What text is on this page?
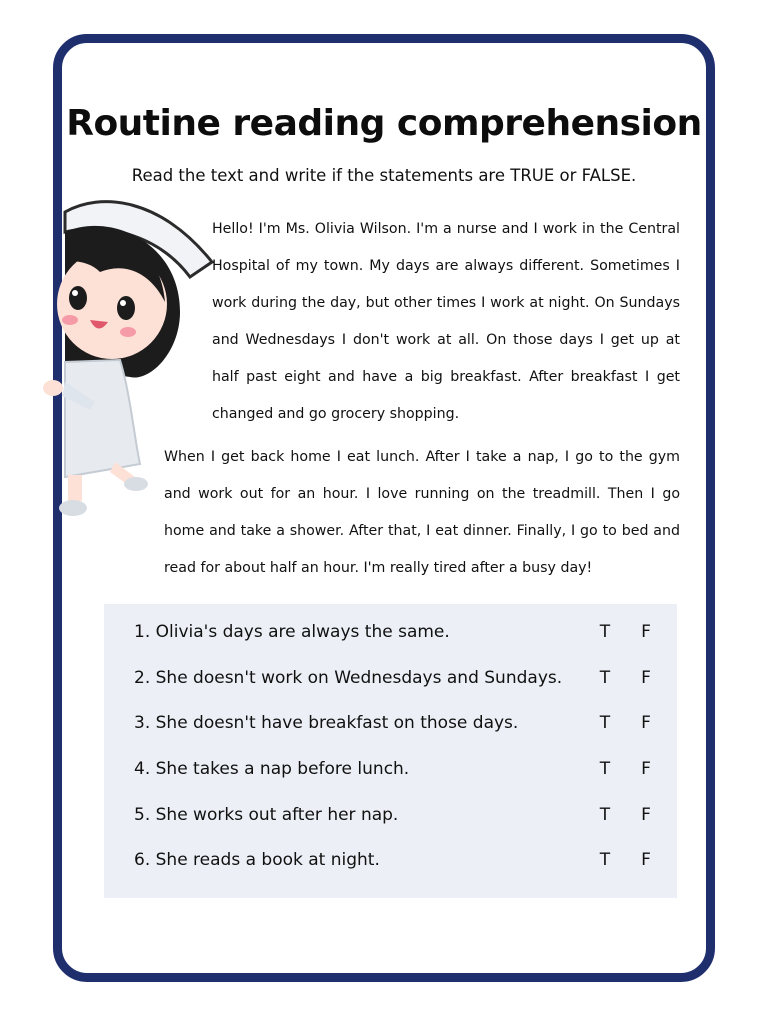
Routine reading comprehension
Read the text and write if the statements are TRUE or FALSE.
Hello! I'm Ms. Olivia Wilson. I'm a nurse and I work in the Central Hospital of my town. My days are always different. Sometimes I work during the day, but other times I work at night. On Sundays and Wednesdays I don't work at all. On those days I get up at half past eight and have a big breakfast. After breakfast I get changed and go grocery shopping.
When I get back home I eat lunch. After I take a nap, I go to the gym and work out for an hour. I love running on the treadmill. Then I go home and take a shower. After that, I eat dinner. Finally, I go to bed and read for about half an hour. I'm really tired after a busy day!
1. Olivia's days are always the same.	T	F
2. She doesn't work on Wednesdays and Sundays. T	F
3. She doesn't have breakfast on those days.	T	F
4. She takes a nap before lunch.	T	F
5. She works out after her nap.	T	F
6. She reads a book at night.	T	F
